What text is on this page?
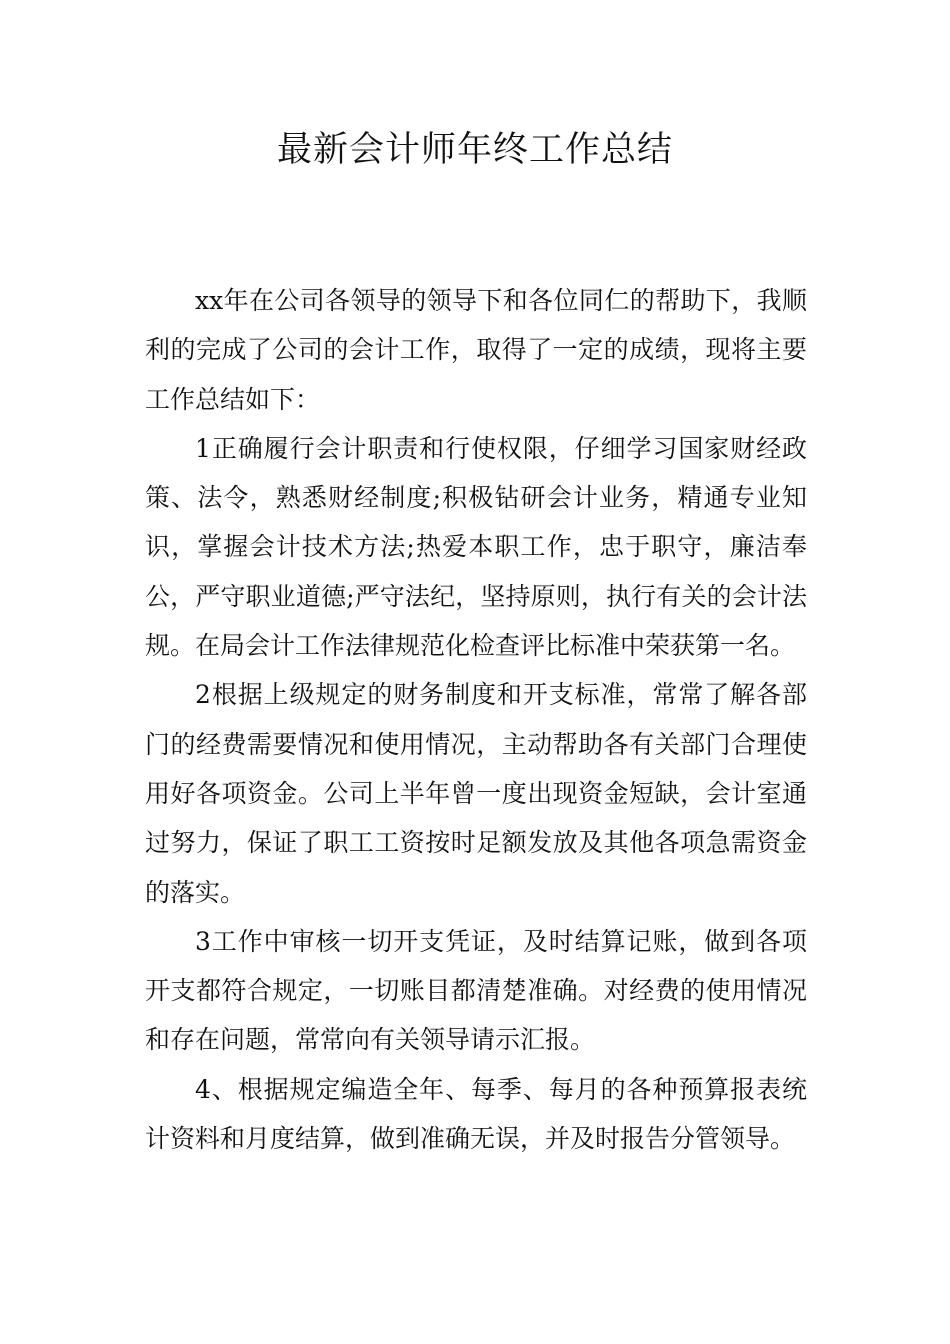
最新会计师年终工作总结

xx年在公司各领导的领导下和各位同仁的帮助下，我顺利的完成了公司的会计工作，取得了一定的成绩，现将主要工作总结如下：

1正确履行会计职责和行使权限，仔细学习国家财经政策、法令，熟悉财经制度;积极钻研会计业务，精通专业知识，掌握会计技术方法;热爱本职工作，忠于职守，廉洁奉公，严守职业道德;严守法纪，坚持原则，执行有关的会计法规。在局会计工作法律规范化检查评比标准中荣获第一名。

2根据上级规定的财务制度和开支标准，常常了解各部门的经费需要情况和使用情况，主动帮助各有关部门合理使用好各项资金。公司上半年曾一度出现资金短缺，会计室通过努力，保证了职工工资按时足额发放及其他各项急需资金的落实。

3工作中审核一切开支凭证，及时结算记账，做到各项开支都符合规定，一切账目都清楚准确。对经费的使用情况和存在问题，常常向有关领导请示汇报。

4、根据规定编造全年、每季、每月的各种预算报表统计资料和月度结算，做到准确无误，并及时报告分管领导。
